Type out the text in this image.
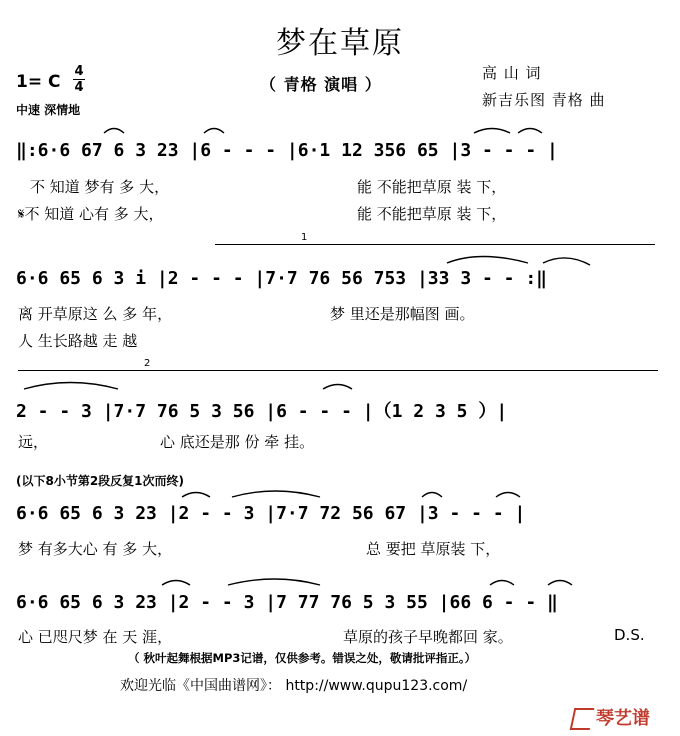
梦在草原
（ 青格 演唱 ）
高 山 词
新吉乐图 青格 曲
1= C
4
4
中速 深情地
‖:6·6 67 6 3 23 |6 - - - |6·1 12 356 65 |3 - - - |
不 知道 梦有 多 大，	能 不能把草原 装 下，
𝄋不 知道 心有 多 大，	能 不能把草原 装 下，
1
6·6 65 6 3 i |2 - - - |7·7 76 56 753 |33 3 - - :‖
离 开草原这 么 多 年，	梦 里还是那幅图 画。
人 生长路越 走 越
2
2 - - 3 |7·7 76 5 3 56 |6 - - - |（1 2 3 5 ）|
远，	心 底还是那 份 牵 挂。
(以下8小节第2段反复1次而终)
6·6 65 6 3 23 |2 - - 3 |7·7 72 56 67 |3 - - - |
梦 有多大心 有 多 大，	总 要把 草原装 下，
6·6 65 6 3 23 |2 - - 3 |7 77 76 5 3 55 |66 6 - - ‖
心 已咫尺梦 在 天 涯，	草原的孩子早晚都回 家。	D.S.
（ 秋叶起舞根据MP3记谱，仅供参考。错误之处，敬请批评指正。）
欢迎光临《中国曲谱网》： http://www.qupu123.com/
琴艺谱
